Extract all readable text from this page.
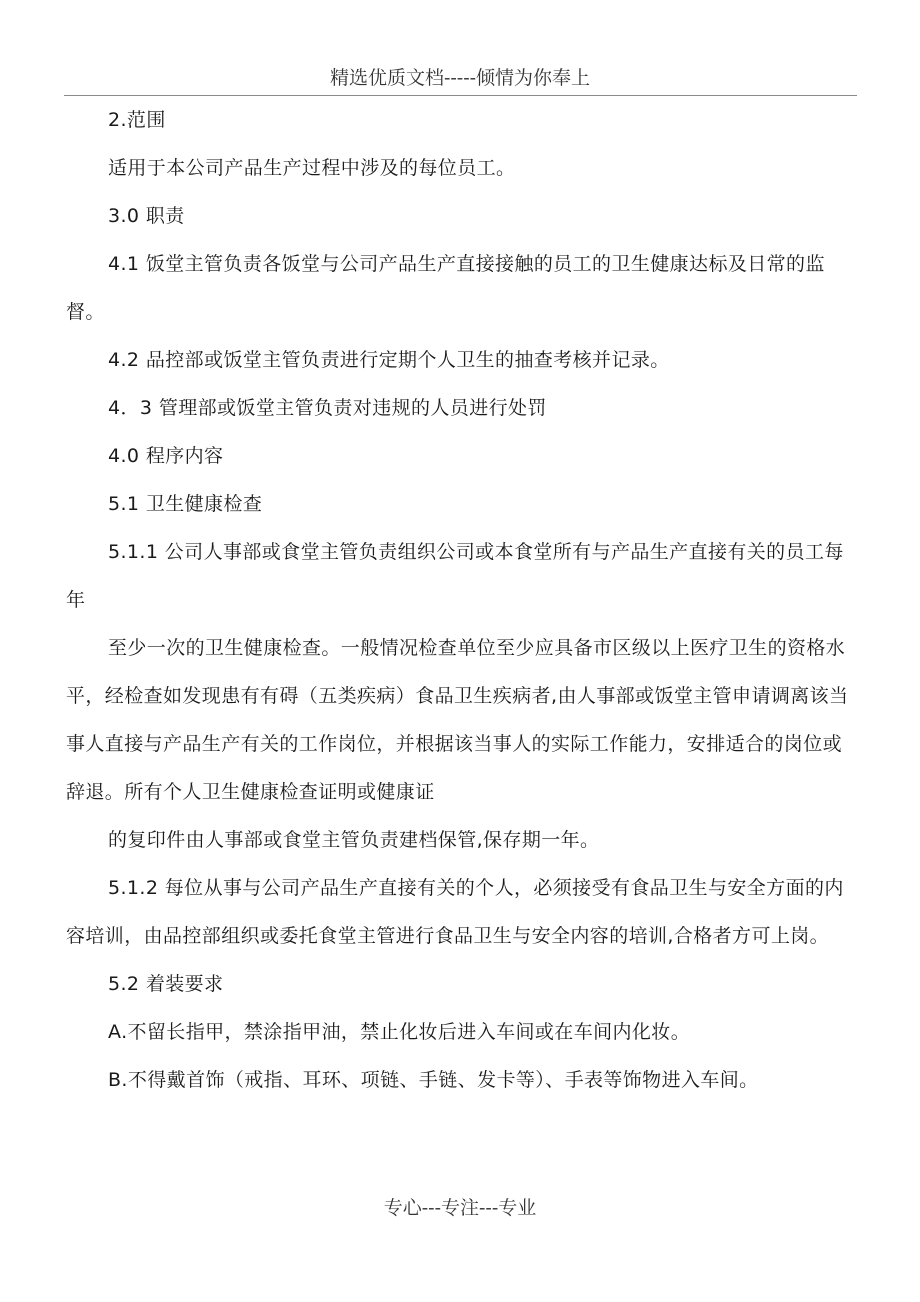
精选优质文档-----倾情为你奉上

2.范围

适用于本公司产品生产过程中涉及的每位员工。

3.0 职责

4.1 饭堂主管负责各饭堂与公司产品生产直接接触的员工的卫生健康达标及日常的监督。

4.2 品控部或饭堂主管负责进行定期个人卫生的抽查考核并记录。

4．3 管理部或饭堂主管负责对违规的人员进行处罚

4.0 程序内容

5.1 卫生健康检查

5.1.1 公司人事部或食堂主管负责组织公司或本食堂所有与产品生产直接有关的员工每年

至少一次的卫生健康检查。一般情况检查单位至少应具备市区级以上医疗卫生的资格水平，经检查如发现患有有碍（五类疾病）食品卫生疾病者,由人事部或饭堂主管申请调离该当事人直接与产品生产有关的工作岗位，并根据该当事人的实际工作能力，安排适合的岗位或辞退。所有个人卫生健康检查证明或健康证

的复印件由人事部或食堂主管负责建档保管,保存期一年。

5.1.2 每位从事与公司产品生产直接有关的个人，必须接受有食品卫生与安全方面的内容培训，由品控部组织或委托食堂主管进行食品卫生与安全内容的培训,合格者方可上岗。

5.2 着装要求

A.不留长指甲，禁涂指甲油，禁止化妆后进入车间或在车间内化妆。

B.不得戴首饰（戒指、耳环、项链、手链、发卡等）、手表等饰物进入车间。

专心---专注---专业
